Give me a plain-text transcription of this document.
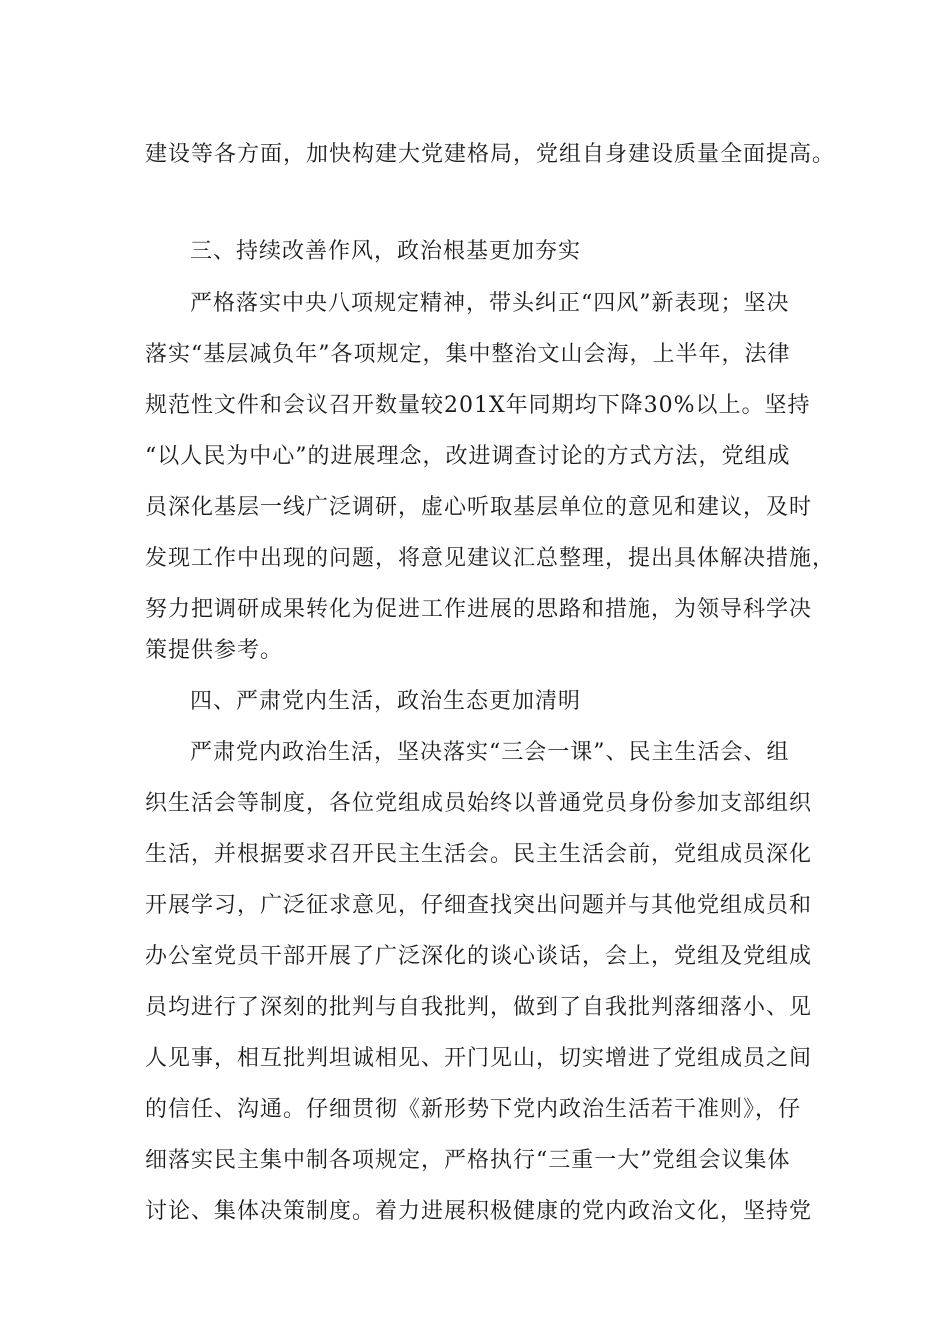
建设等各方面，加快构建大党建格局，党组自身建设质量全面提高。
三、持续改善作风，政治根基更加夯实
严格落实中央八项规定精神，带头纠正“四风”新表现；坚决
落实“基层减负年”各项规定，集中整治文山会海，上半年，法律
规范性文件和会议召开数量较201X年同期均下降30%以上。坚持
“以人民为中心”的进展理念，改进调查讨论的方式方法，党组成
员深化基层一线广泛调研，虚心听取基层单位的意见和建议，及时
发现工作中出现的问题，将意见建议汇总整理，提出具体解决措施，
努力把调研成果转化为促进工作进展的思路和措施，为领导科学决
策提供参考。
四、严肃党内生活，政治生态更加清明
严肃党内政治生活，坚决落实“三会一课”、民主生活会、组
织生活会等制度，各位党组成员始终以普通党员身份参加支部组织
生活，并根据要求召开民主生活会。民主生活会前，党组成员深化
开展学习，广泛征求意见，仔细查找突出问题并与其他党组成员和
办公室党员干部开展了广泛深化的谈心谈话，会上，党组及党组成
员均进行了深刻的批判与自我批判，做到了自我批判落细落小、见
人见事，相互批判坦诚相见、开门见山，切实增进了党组成员之间
的信任、沟通。仔细贯彻《新形势下党内政治生活若干准则》，仔
细落实民主集中制各项规定，严格执行“三重一大”党组会议集体
讨论、集体决策制度。着力进展积极健康的党内政治文化，坚持党
